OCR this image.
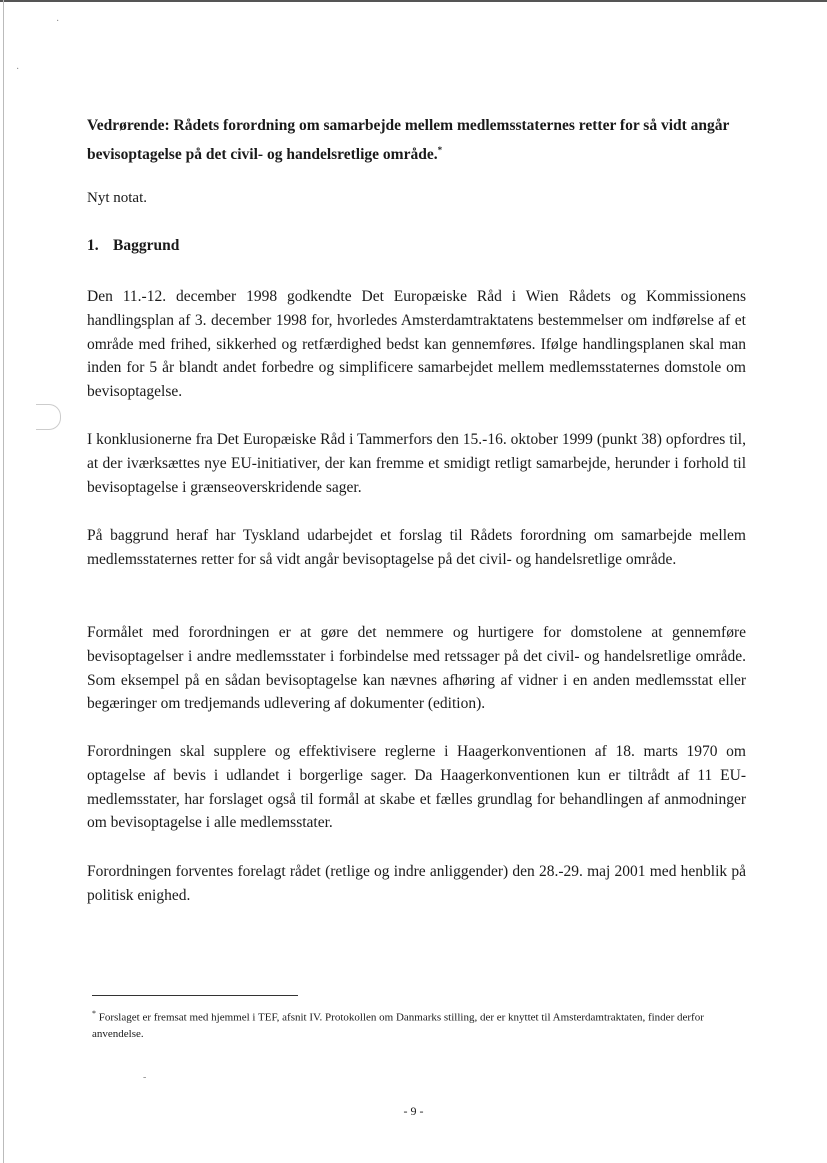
·
·
-

Vedrørende: Rådets forordning om samarbejde mellem medlemsstaternes retter for så vidt angår bevisoptagelse på det civil- og handelsretlige område.*

Nyt notat.

1. Baggrund

Den 11.-12. december 1998 godkendte Det Europæiske Råd i Wien Rådets og Kommissionens handlingsplan af 3. december 1998 for, hvorledes Amsterdamtraktatens bestemmelser om indførelse af et område med frihed, sikkerhed og retfærdighed bedst kan gennemføres. Ifølge handlingsplanen skal man inden for 5 år blandt andet forbedre og simplificere samarbejdet mellem medlemsstaternes domstole om bevisoptagelse.

I konklusionerne fra Det Europæiske Råd i Tammerfors den 15.-16. oktober 1999 (punkt 38) opfordres til, at der iværksættes nye EU-initiativer, der kan fremme et smidigt retligt samarbejde, herunder i forhold til bevisoptagelse i grænseoverskridende sager.

På baggrund heraf har Tyskland udarbejdet et forslag til Rådets forordning om samarbejde mellem medlemsstaternes retter for så vidt angår bevisoptagelse på det civil- og handelsretlige område.

Formålet med forordningen er at gøre det nemmere og hurtigere for domstolene at gennemføre bevisoptagelser i andre medlemsstater i forbindelse med retssager på det civil- og handelsretlige område. Som eksempel på en sådan bevisoptagelse kan nævnes afhøring af vidner i en anden medlemsstat eller begæringer om tredjemands udlevering af dokumenter (edition).

Forordningen skal supplere og effektivisere reglerne i Haagerkonventionen af 18. marts 1970 om optagelse af bevis i udlandet i borgerlige sager. Da Haagerkonventionen kun er tiltrådt af 11 EU-medlemsstater, har forslaget også til formål at skabe et fælles grundlag for behandlingen af anmodninger om bevisoptagelse i alle medlemsstater.

Forordningen forventes forelagt rådet (retlige og indre anliggender) den 28.-29. maj 2001 med henblik på politisk enighed.

* Forslaget er fremsat med hjemmel i TEF, afsnit IV. Protokollen om Danmarks stilling, der er knyttet til Amsterdamtraktaten, finder derfor anvendelse.

- 9 -
